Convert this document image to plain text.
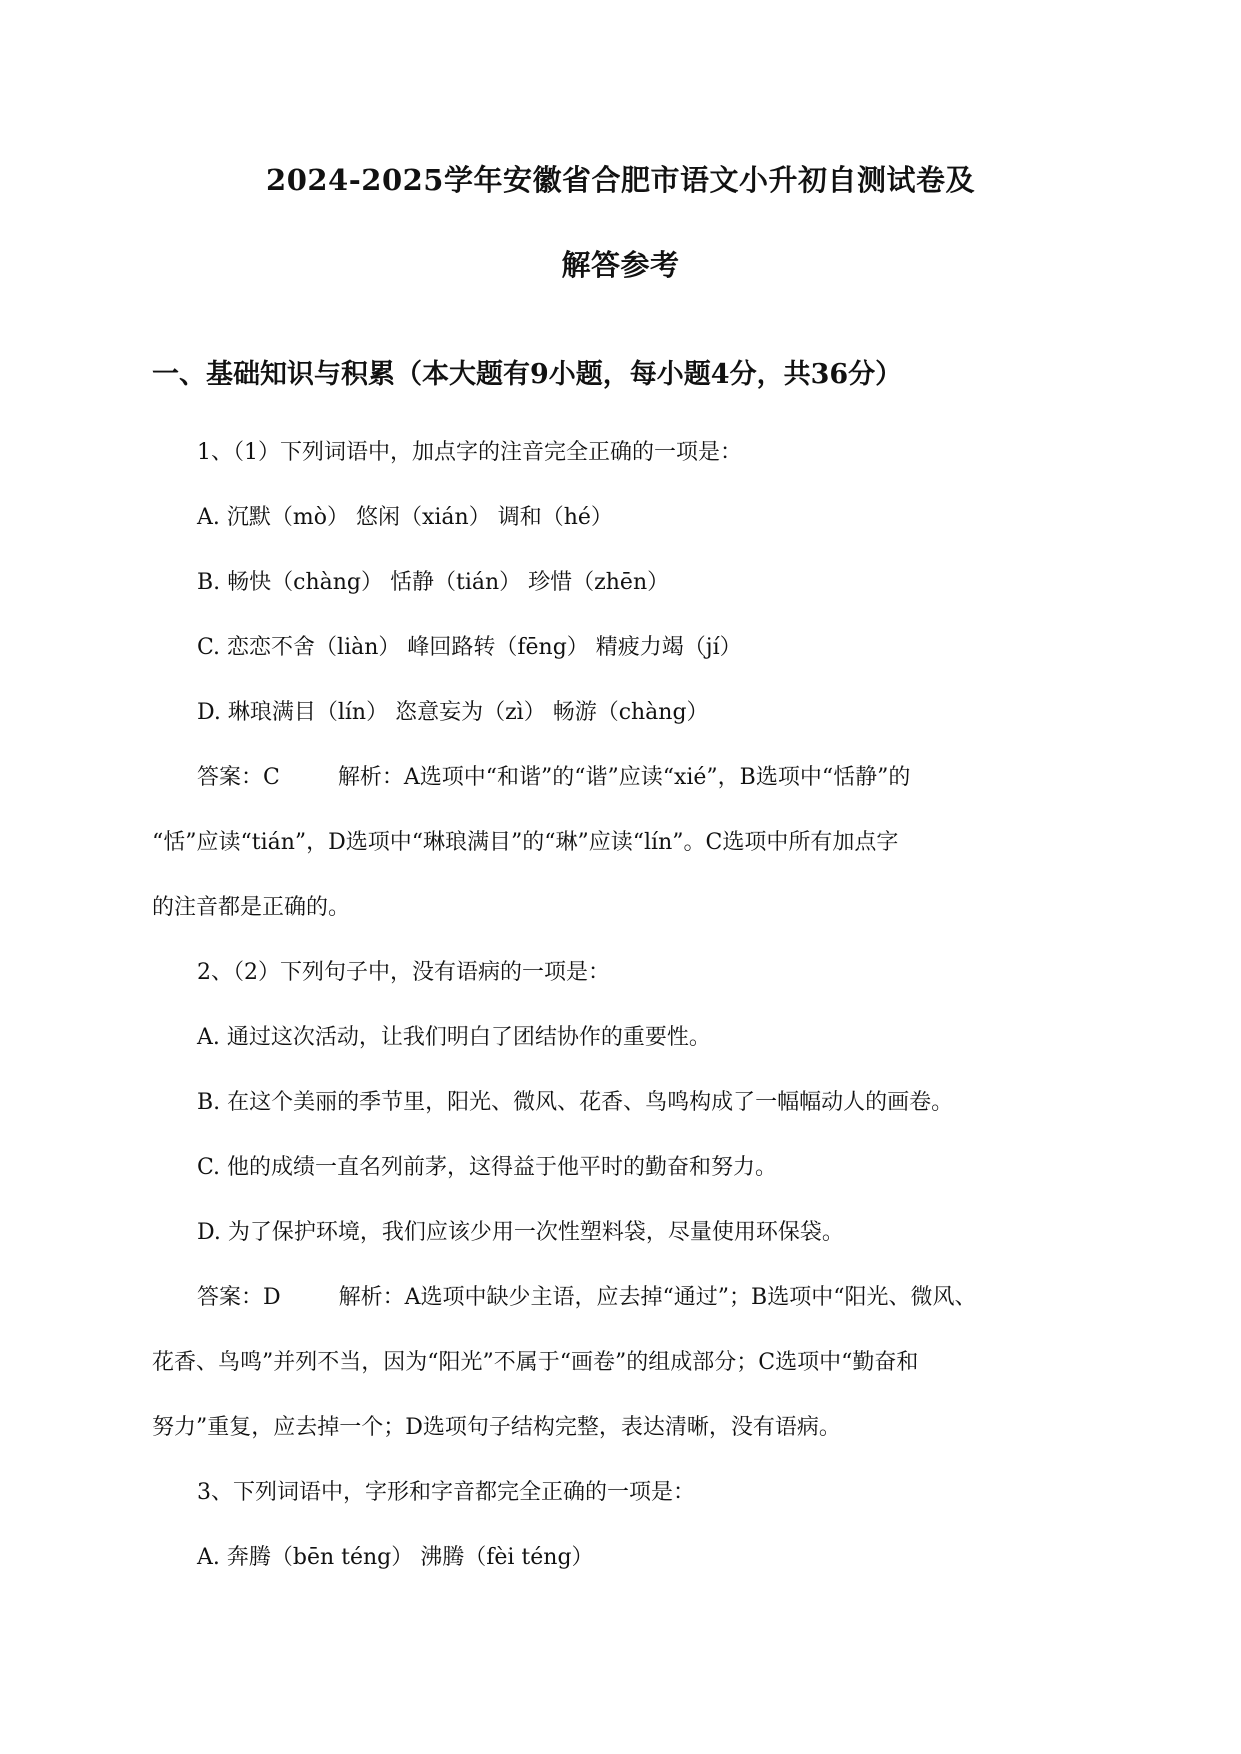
2024-2025学年安徽省合肥市语文小升初自测试卷及
解答参考
一、基础知识与积累（本大题有9小题，每小题4分，共36分）
1、（1）下列词语中，加点字的注音完全正确的一项是：
A. 沉默（mò） 悠闲（xián） 调和（hé）
B. 畅快（chàng） 恬静（tián） 珍惜（zhēn）
C. 恋恋不舍（liàn） 峰回路转（fēng） 精疲力竭（jí）
D. 琳琅满目（lín） 恣意妄为（zì） 畅游（chàng）
答案：C	解析：A选项中“和谐”的“谐”应读“xié”，B选项中“恬静”的
“恬”应读“tián”，D选项中“琳琅满目”的“琳”应读“lín”。C选项中所有加点字
的注音都是正确的。
2、（2）下列句子中，没有语病的一项是：
A. 通过这次活动，让我们明白了团结协作的重要性。
B. 在这个美丽的季节里，阳光、微风、花香、鸟鸣构成了一幅幅动人的画卷。
C. 他的成绩一直名列前茅，这得益于他平时的勤奋和努力。
D. 为了保护环境，我们应该少用一次性塑料袋，尽量使用环保袋。
答案：D	解析：A选项中缺少主语，应去掉“通过”；B选项中“阳光、微风、
花香、鸟鸣”并列不当，因为“阳光”不属于“画卷”的组成部分；C选项中“勤奋和
努力”重复，应去掉一个；D选项句子结构完整，表达清晰，没有语病。
3、下列词语中，字形和字音都完全正确的一项是：
A. 奔腾（bēn téng） 沸腾（fèi téng）
